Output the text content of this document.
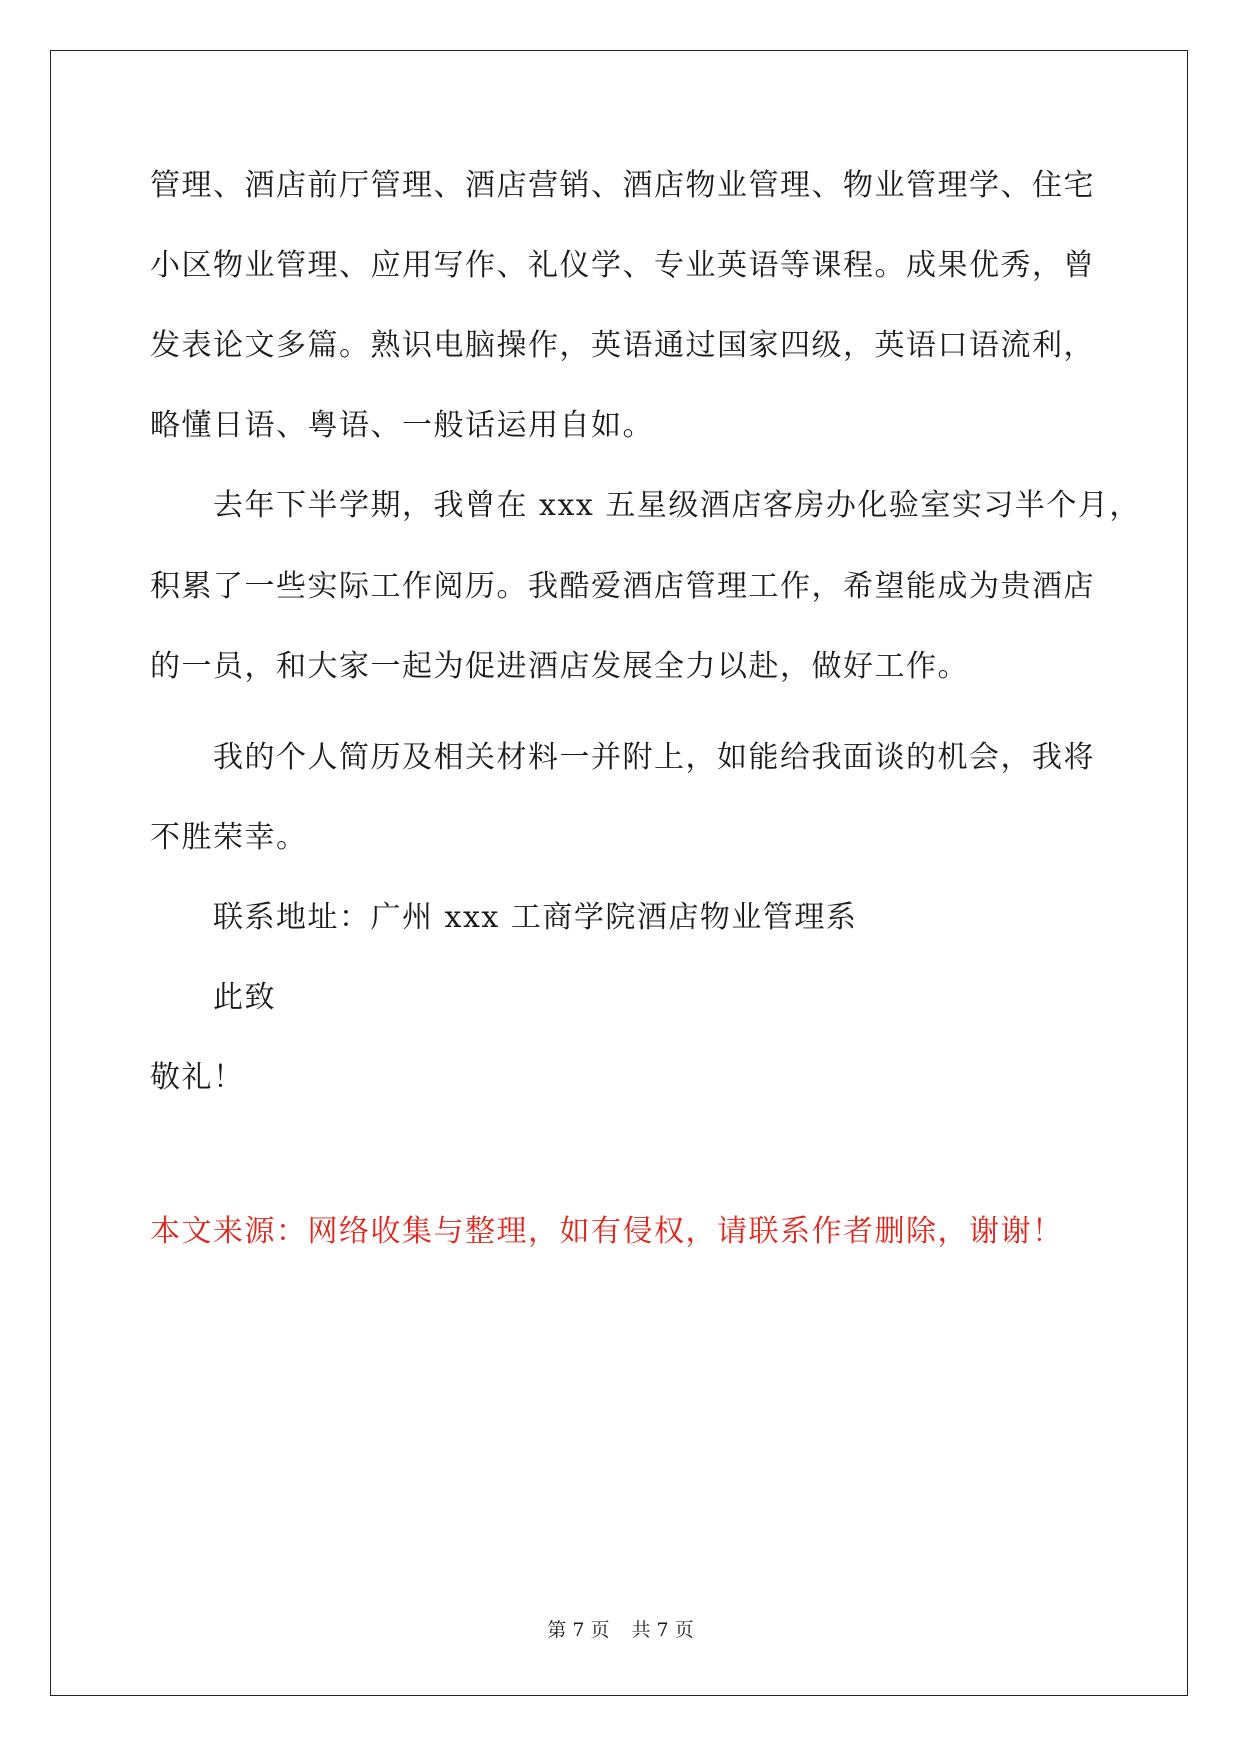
管理、酒店前厅管理、酒店营销、酒店物业管理、物业管理学、住宅
小区物业管理、应用写作、礼仪学、专业英语等课程。成果优秀，曾
发表论文多篇。熟识电脑操作，英语通过国家四级，英语口语流利，
略懂日语、粤语、一般话运用自如。
去年下半学期，我曾在 xxx 五星级酒店客房办化验室实习半个月，
积累了一些实际工作阅历。我酷爱酒店管理工作，希望能成为贵酒店
的一员，和大家一起为促进酒店发展全力以赴，做好工作。
我的个人简历及相关材料一并附上，如能给我面谈的机会，我将
不胜荣幸。
联系地址：广州 xxx 工商学院酒店物业管理系
此致
敬礼！
本文来源：网络收集与整理，如有侵权，请联系作者删除，谢谢！
第 7 页 共 7 页
